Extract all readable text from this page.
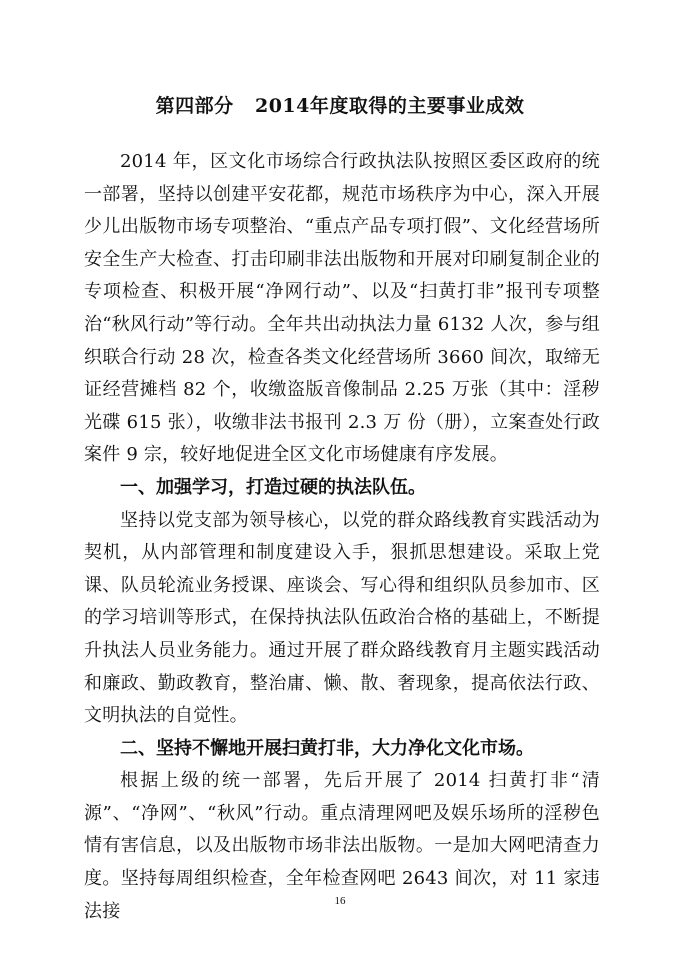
第四部分   2014年度取得的主要事业成效

2014 年，区文化市场综合行政执法队按照区委区政府的统一部署，坚持以创建平安花都，规范市场秩序为中心，深入开展少儿出版物市场专项整治、“重点产品专项打假”、文化经营场所安全生产大检查、打击印刷非法出版物和开展对印刷复制企业的专项检查、积极开展“净网行动”、以及“扫黄打非”报刊专项整治“秋风行动”等行动。全年共出动执法力量 6132 人次，参与组织联合行动 28 次，检查各类文化经营场所 3660 间次，取缔无证经营摊档 82 个，收缴盗版音像制品 2.25 万张（其中：淫秽光碟 615 张），收缴非法书报刊 2.3 万 份（册），立案查处行政案件 9 宗，较好地促进全区文化市场健康有序发展。

一、加强学习，打造过硬的执法队伍。

坚持以党支部为领导核心，以党的群众路线教育实践活动为契机，从内部管理和制度建设入手，狠抓思想建设。采取上党课、队员轮流业务授课、座谈会、写心得和组织队员参加市、区的学习培训等形式，在保持执法队伍政治合格的基础上，不断提升执法人员业务能力。通过开展了群众路线教育月主题实践活动和廉政、勤政教育，整治庸、懒、散、奢现象，提高依法行政、文明执法的自觉性。

二、坚持不懈地开展扫黄打非，大力净化文化市场。

根据上级的统一部署，先后开展了 2014 扫黄打非“清源”、“净网”、“秋风”行动。重点清理网吧及娱乐场所的淫秽色情有害信息，以及出版物市场非法出版物。一是加大网吧清查力度。坚持每周组织检查，全年检查网吧 2643 间次，对 11 家违法接	16
